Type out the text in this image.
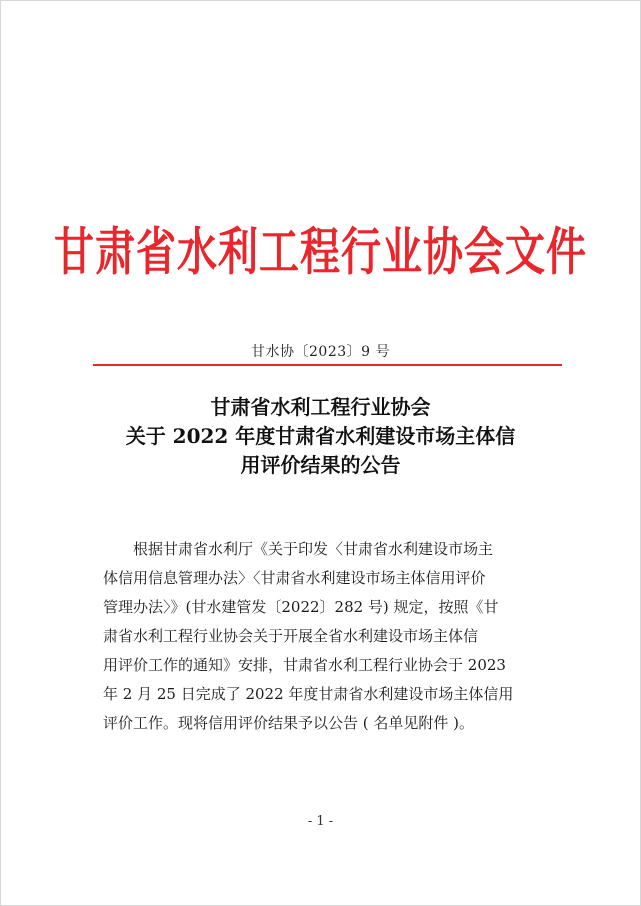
甘肃省水利工程行业协会文件
甘水协〔2023〕9 号
甘肃省水利工程行业协会
关于 2022 年度甘肃省水利建设市场主体信
用评价结果的公告
根据甘肃省水利厅《关于印发〈甘肃省水利建设市场主
体信用信息管理办法〉〈甘肃省水利建设市场主体信用评价
管理办法〉》(甘水建管发〔2022〕282 号) 规定，按照《甘
肃省水利工程行业协会关于开展全省水利建设市场主体信
用评价工作的通知》安排，甘肃省水利工程行业协会于 2023
年 2 月 25 日完成了 2022 年度甘肃省水利建设市场主体信用
评价工作。现将信用评价结果予以公告 ( 名单见附件 )。
- 1 -
